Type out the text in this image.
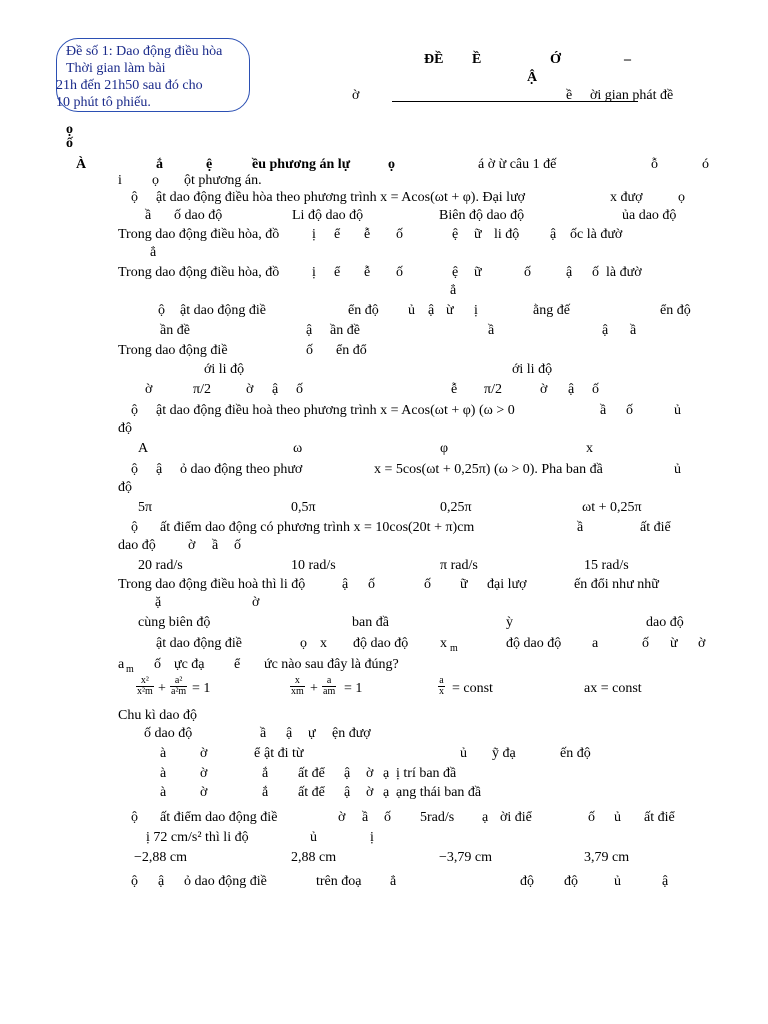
Đề số 1: Dao động điều hòa
Thời gian làm bài
21h đến 21h50 sau đó cho
10 phút tô phiếu.
ĐỀ Ề	Ớ	–
Ậ
ờ	ề ời gian phát đề
ọ
ố
À	ắ	ệ	ều phương án lự	ọ	á ờ ừ câu 1 đế	ỗ	ó
i ọ ột phương án.
ộ ật dao động điều hòa theo phương trình x = Acos(ωt + φ). Đại lượ	x đượ	ọ
ầ ố dao độ	Li độ dao độ	Biên độ dao độ	ủa dao độ
Trong dao động điều hòa, đồ ị ể ễ ố	ệ ữ li độ ậ ốc là đườ
ẳ
Trong dao động điều hòa, đồ ị ể ễ ố	ệ ữ	ố	ậ ố là đườ
ẳ
ộ ật dao động điề	ển độ ủ ậ ừ ị	ằng đế	ển độ
ần đề	ậ ần đề	ầ	ậ ầ
Trong dao động điề	ố ển đổ
ới li độ	ới li độ
ờ	π/2	ờ ậ ố	ễ π/2	ờ ậ ố
ộ ật dao động điều hoà theo phương trình x = Acos(ωt + φ) (ω > 0	ầ ố	ủ
độ
A	ω	φ	x
ộ ậ ỏ dao động theo phươ	x = 5cos(ωt + 0,25π) (ω > 0). Pha ban đầ	ủ
độ
5π	0,5π	0,25π	ωt + 0,25π
ộ ất điểm dao động có phương trình x = 10cos(20t + π)cm	ầ	ất điể
dao độ ờ ầ ố
20 rad/s	10 rad/s	π rad/s	15 rad/s
Trong dao động điều hoà thì li độ	ậ ố	ố ữ đại lượ	ến đổi như nhữ
ặ	ờ
cùng biên độ	ban đầ	ỳ	dao độ
ật dao động điề	ọ x độ dao độ x m	độ dao độ a	ố ừ ờ
a m ố ực đạ ể ức nào sau đây là đúng?
$\frac{\text{x²}}{\text{x²m}} + \frac{\text{a²}}{\text{a²m}} = 1$	$\frac{x}{xm} + \frac{a}{am} = 1$	$\frac{a}{x}$ = const	ax = const
Chu kì dao độ
ố dao độ	ầ ậ ự ện đượ
à ờ	ể ật đi từ	ủ ỹ đạ	ến độ
à ờ	ắ ất để ậ ờ ạ ị trí ban đầ
à ờ	ắ ất để ậ ờ ạ ạng thái ban đầ
ộ ất điểm dao động điề	ờ ầ ố 5rad/s ạ ời điể	ố ủ ất điể
ị 72 cm/s² thì li độ	ủ	ị
−2,88 cm	2,88 cm	−3,79 cm	3,79 cm
ộ ậ ỏ dao động điề	trên đoạ ẳ	độ độ	ủ	ậ
